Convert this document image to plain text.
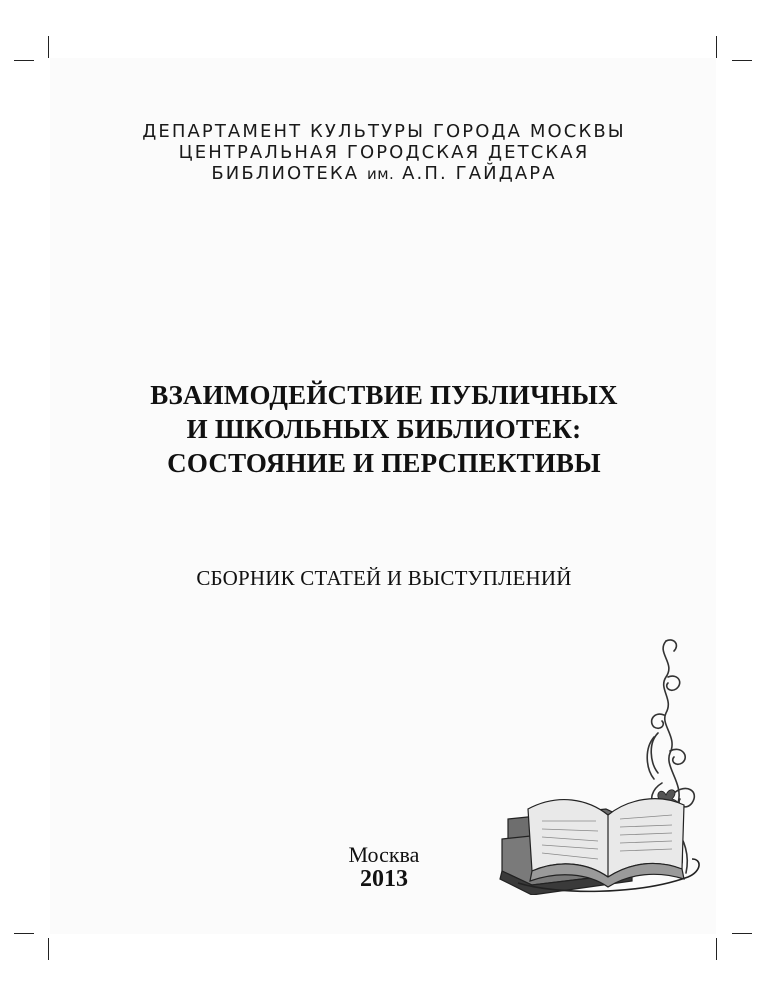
ДЕПАРТАМЕНТ КУЛЬТУРЫ ГОРОДА МОСКВЫ
ЦЕНТРАЛЬНАЯ ГОРОДСКАЯ ДЕТСКАЯ
БИБЛИОТЕКА им. А.П. ГАЙДАРА
ВЗАИМОДЕЙСТВИЕ ПУБЛИЧНЫХ
И ШКОЛЬНЫХ БИБЛИОТЕК:
СОСТОЯНИЕ И ПЕРСПЕКТИВЫ
СБОРНИК СТАТЕЙ И ВЫСТУПЛЕНИЙ
Москва
2013
